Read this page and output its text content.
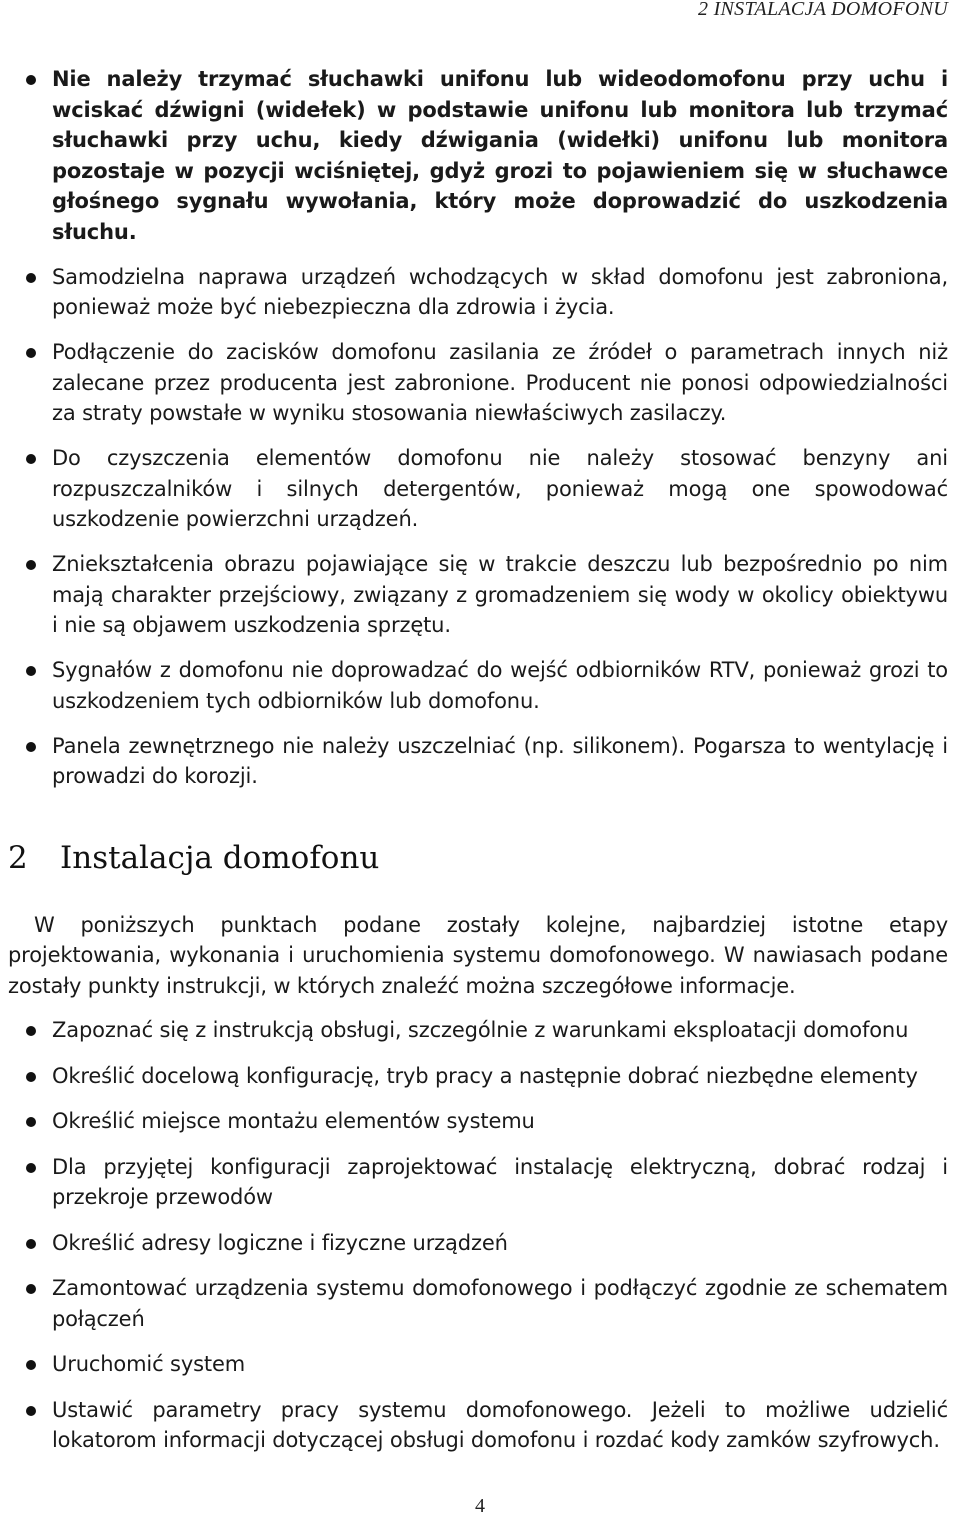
2 INSTALACJA DOMOFONU
Nie należy trzymać słuchawki unifonu lub wideodomofonu przy uchu i wciskać dźwigni (widełek) w podstawie unifonu lub monitora lub trzymać słuchawki przy uchu, kiedy dźwigania (widełki) unifonu lub monitora pozostaje w pozycji wciśniętej, gdyż grozi to pojawieniem się w słuchawce głośnego sygnału wywołania, który może doprowadzić do uszkodzenia słuchu.
Samodzielna naprawa urządzeń wchodzących w skład domofonu jest zabroniona, ponieważ może być niebezpieczna dla zdrowia i życia.
Podłączenie do zacisków domofonu zasilania ze źródeł o parametrach innych niż zalecane przez producenta jest zabronione. Producent nie ponosi odpowiedzialności za straty powstałe w wyniku stosowania niewłaściwych zasilaczy.
Do czyszczenia elementów domofonu nie należy stosować benzyny ani rozpuszczalników i silnych detergentów, ponieważ mogą one spowodować uszkodzenie powierzchni urządzeń.
Zniekształcenia obrazu pojawiające się w trakcie deszczu lub bezpośrednio po nim mają charakter przejściowy, związany z gromadzeniem się wody w okolicy obiektywu i nie są objawem uszkodzenia sprzętu.
Sygnałów z domofonu nie doprowadzać do wejść odbiorników RTV, ponieważ grozi to uszkodzeniem tych odbiorników lub domofonu.
Panela zewnętrznego nie należy uszczelniać (np. silikonem). Pogarsza to wentylację i prowadzi do korozji.
2 Instalacja domofonu

W poniższych punktach podane zostały kolejne, najbardziej istotne etapy projektowania, wykonania i uruchomienia systemu domofonowego. W nawiasach podane zostały punkty instrukcji, w których znaleźć można szczegółowe informacje.

Zapoznać się z instrukcją obsługi, szczególnie z warunkami eksploatacji domofonu
Określić docelową konfigurację, tryb pracy a następnie dobrać niezbędne elementy
Określić miejsce montażu elementów systemu
Dla przyjętej konfiguracji zaprojektować instalację elektryczną, dobrać rodzaj i przekroje przewodów
Określić adresy logiczne i fizyczne urządzeń
Zamontować urządzenia systemu domofonowego i podłączyć zgodnie ze schematem połączeń
Uruchomić system
Ustawić parametry pracy systemu domofonowego. Jeżeli to możliwe udzielić lokatorom informacji dotyczącej obsługi domofonu i rozdać kody zamków szyfrowych.
4
